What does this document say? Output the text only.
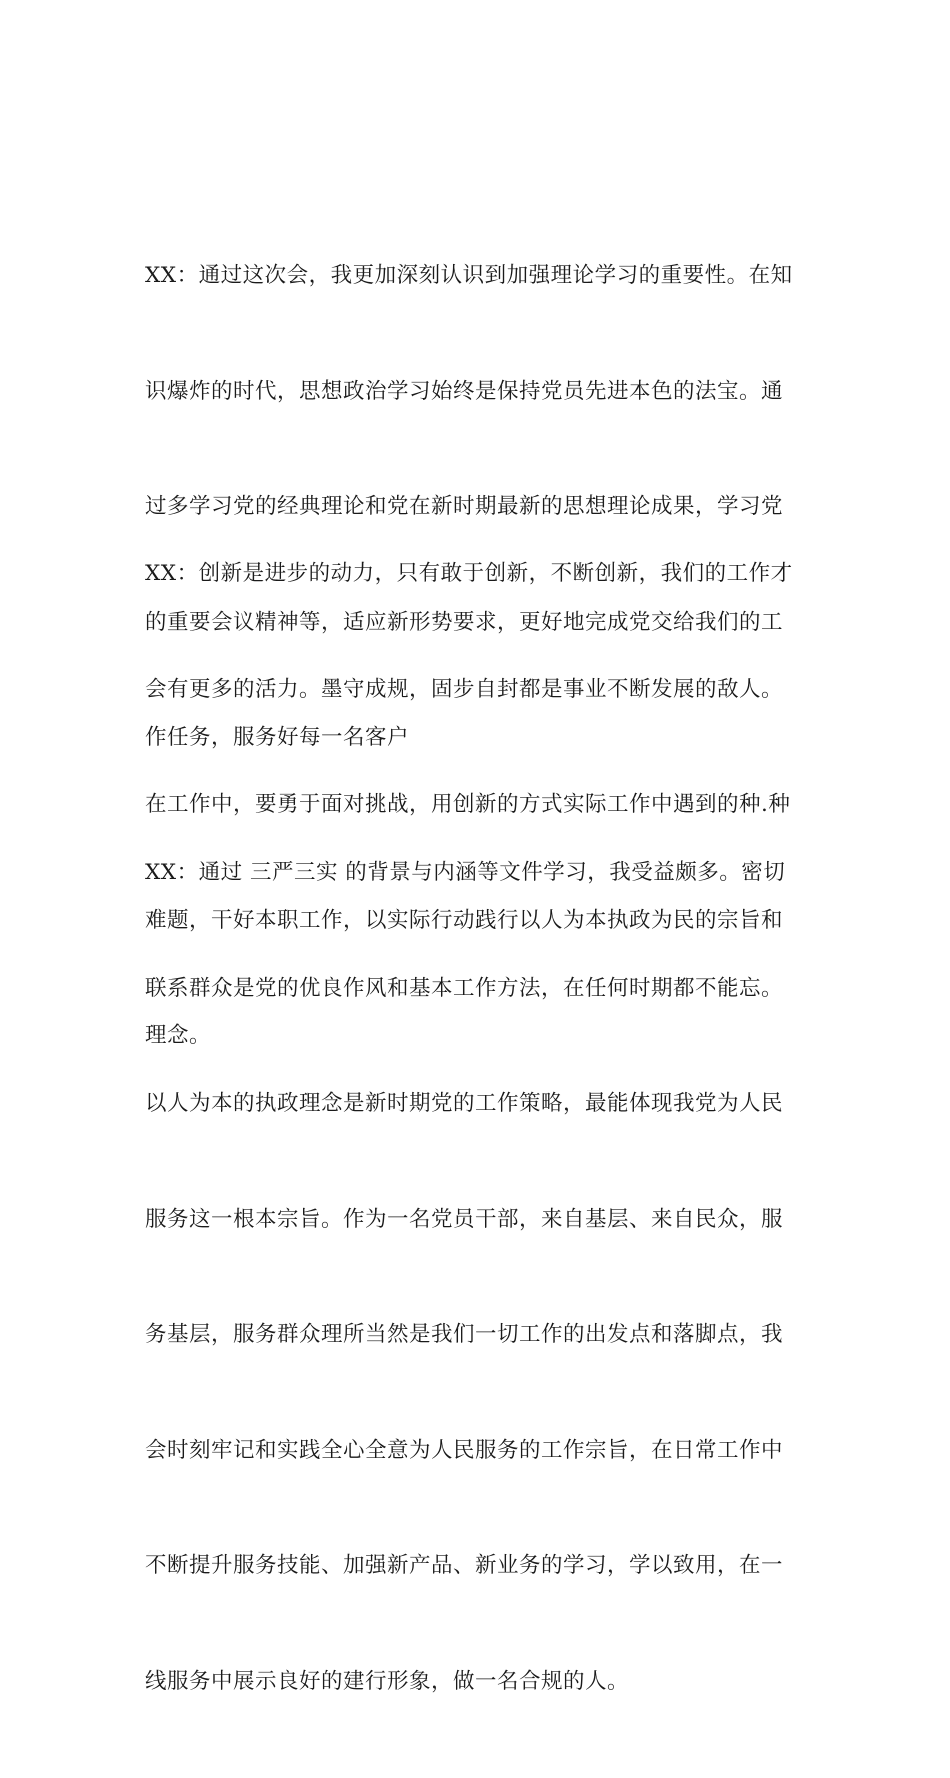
XX：通过这次会，我更加深刻认识到加强理论学习的重要性。在知

识爆炸的时代，思想政治学习始终是保持党员先进本色的法宝。通

过多学习党的经典理论和党在新时期最新的思想理论成果，学习党

的重要会议精神等，适应新形势要求，更好地完成党交给我们的工

作任务，服务好每一名客户

XX：创新是进步的动力，只有敢于创新，不断创新，我们的工作才

会有更多的活力。墨守成规，固步自封都是事业不断发展的敌人。

在工作中，要勇于面对挑战，用创新的方式实际工作中遇到的种.种

难题，干好本职工作，以实际行动践行以人为本执政为民的宗旨和

理念。

XX：通过 三严三实 的背景与内涵等文件学习，我受益颇多。密切

联系群众是党的优良作风和基本工作方法，在任何时期都不能忘。

以人为本的执政理念是新时期党的工作策略，最能体现我党为人民

服务这一根本宗旨。作为一名党员干部，来自基层、来自民众，服

务基层，服务群众理所当然是我们一切工作的出发点和落脚点，我

会时刻牢记和实践全心全意为人民服务的工作宗旨，在日常工作中

不断提升服务技能、加强新产品、新业务的学习，学以致用，在一

线服务中展示良好的建行形象，做一名合规的人。
